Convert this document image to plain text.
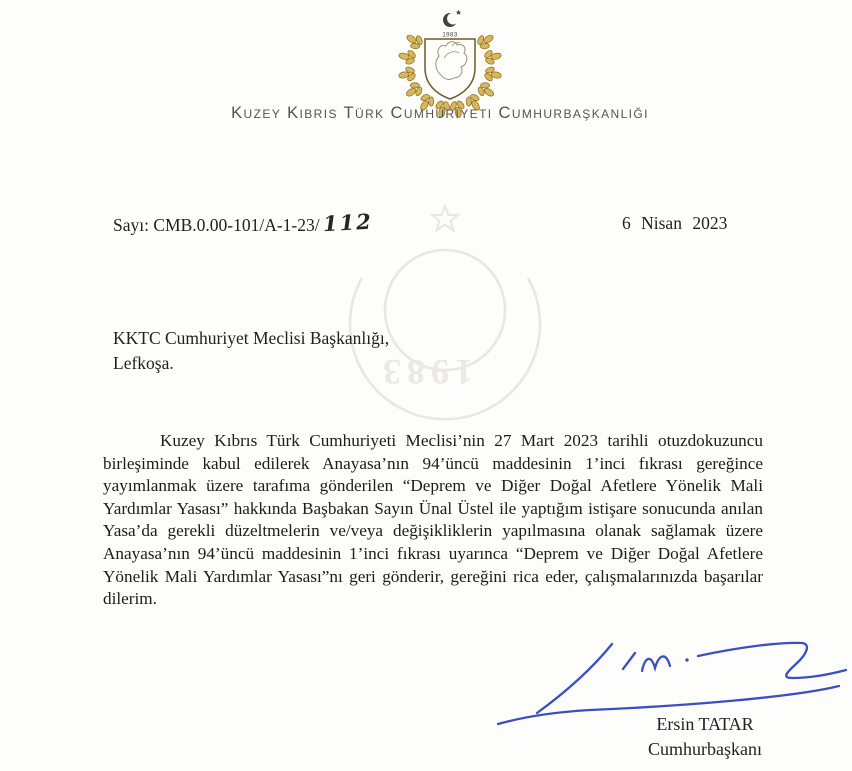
1983
Kuzey Kıbrıs Türk Cumhuriyeti Cumhurbaşkanlığı
1983
Sayı: CMB.0.00-101/A-1-23/ 112	6 Nisan 2023
KKTC Cumhuriyet Meclisi Başkanlığı,
Lefkoşa.
Kuzey Kıbrıs Türk Cumhuriyeti Meclisi’nin 27 Mart 2023 tarihli otuzdokuzuncu birleşiminde kabul edilerek Anayasa’nın 94’üncü maddesinin 1’inci fıkrası gereğince yayımlanmak üzere tarafıma gönderilen “Deprem ve Diğer Doğal Afetlere Yönelik Mali Yardımlar Yasası” hakkında Başbakan Sayın Ünal Üstel ile yaptığım istişare sonucunda anılan Yasa’da gerekli düzeltmelerin ve/veya değişikliklerin yapılmasına olanak sağlamak üzere Anayasa’nın 94’üncü maddesinin 1’inci fıkrası uyarınca “Deprem ve Diğer Doğal Afetlere Yönelik Mali Yardımlar Yasası”nı geri gönderir, gereğini rica eder, çalışmalarınızda başarılar dilerim.
Ersin TATAR
Cumhurbaşkanı
